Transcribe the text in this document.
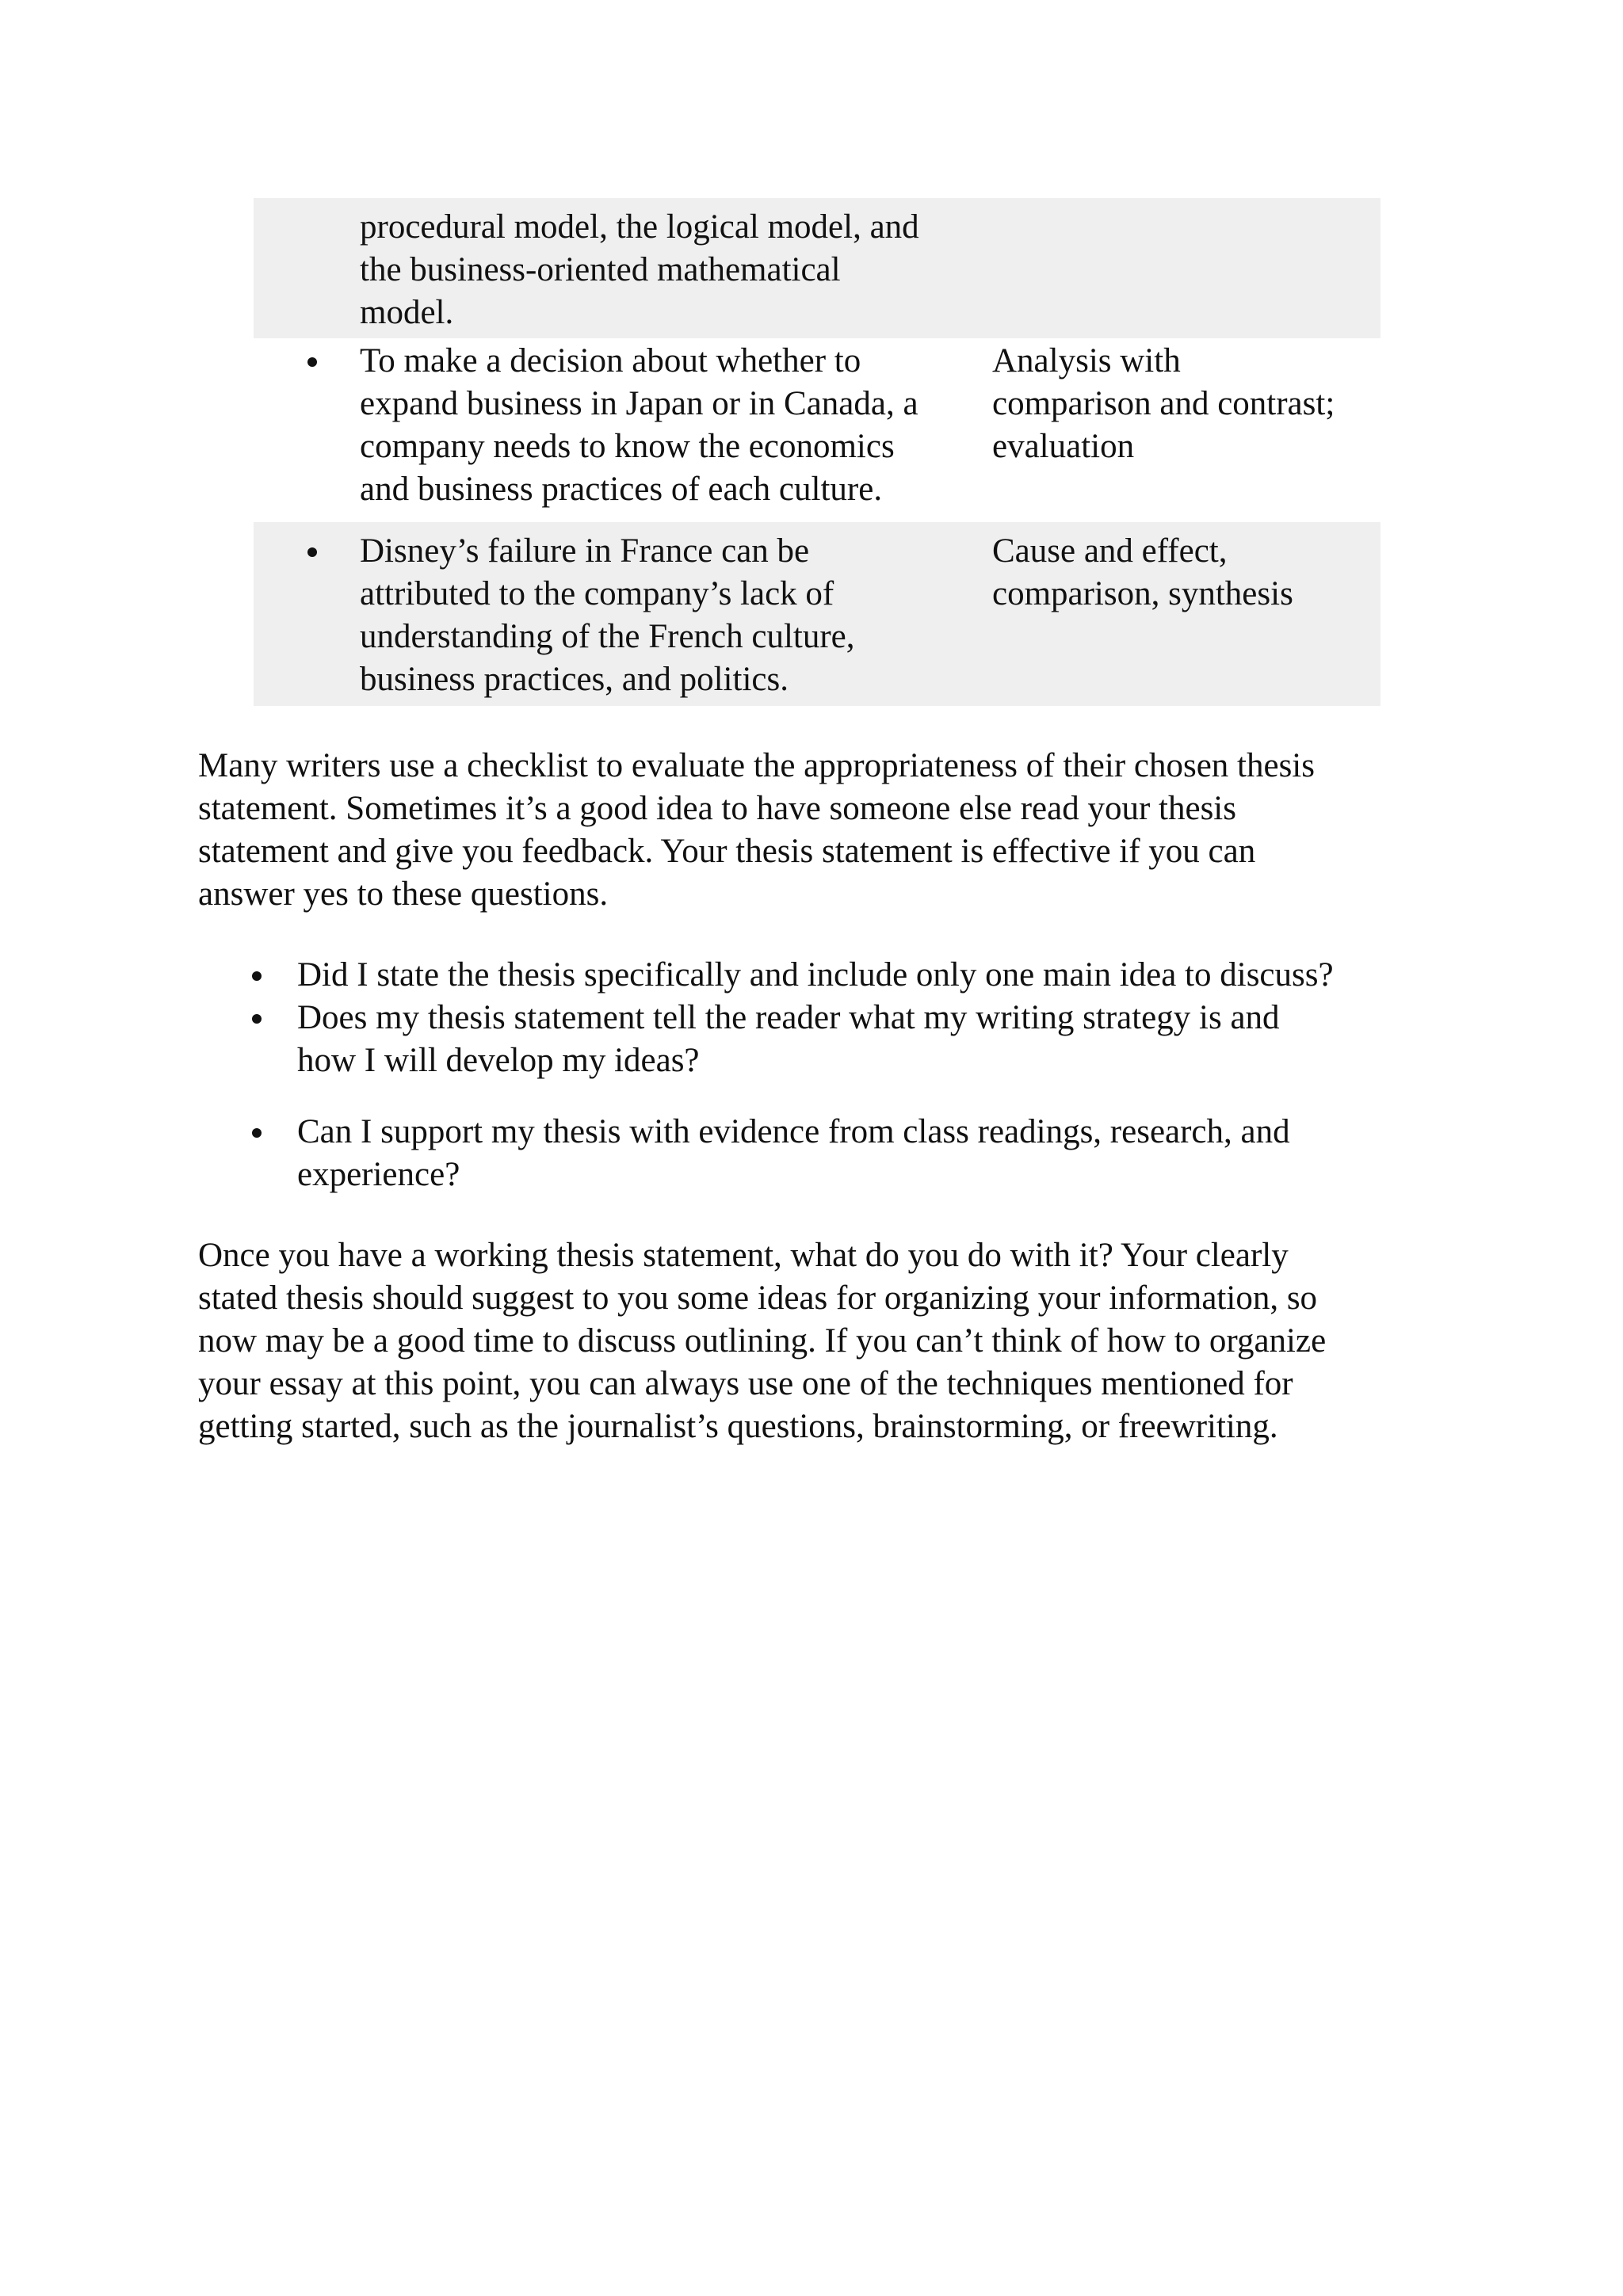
procedural model, the logical model, and
the business-oriented mathematical
model.
To make a decision about whether to
expand business in Japan or in Canada, a
company needs to know the economics
and business practices of each culture.
Analysis with
comparison and contrast;
evaluation
Disney’s failure in France can be
attributed to the company’s lack of
understanding of the French culture,
business practices, and politics.
Cause and effect,
comparison, synthesis
Many writers use a checklist to evaluate the appropriateness of their chosen thesis
statement. Sometimes it’s a good idea to have someone else read your thesis
statement and give you feedback. Your thesis statement is effective if you can
answer yes to these questions.
Did I state the thesis specifically and include only one main idea to discuss?
Does my thesis statement tell the reader what my writing strategy is and
how I will develop my ideas?
Can I support my thesis with evidence from class readings, research, and
experience?
Once you have a working thesis statement, what do you do with it? Your clearly
stated thesis should suggest to you some ideas for organizing your information, so
now may be a good time to discuss outlining. If you can’t think of how to organize
your essay at this point, you can always use one of the techniques mentioned for
getting started, such as the journalist’s questions, brainstorming, or freewriting.
